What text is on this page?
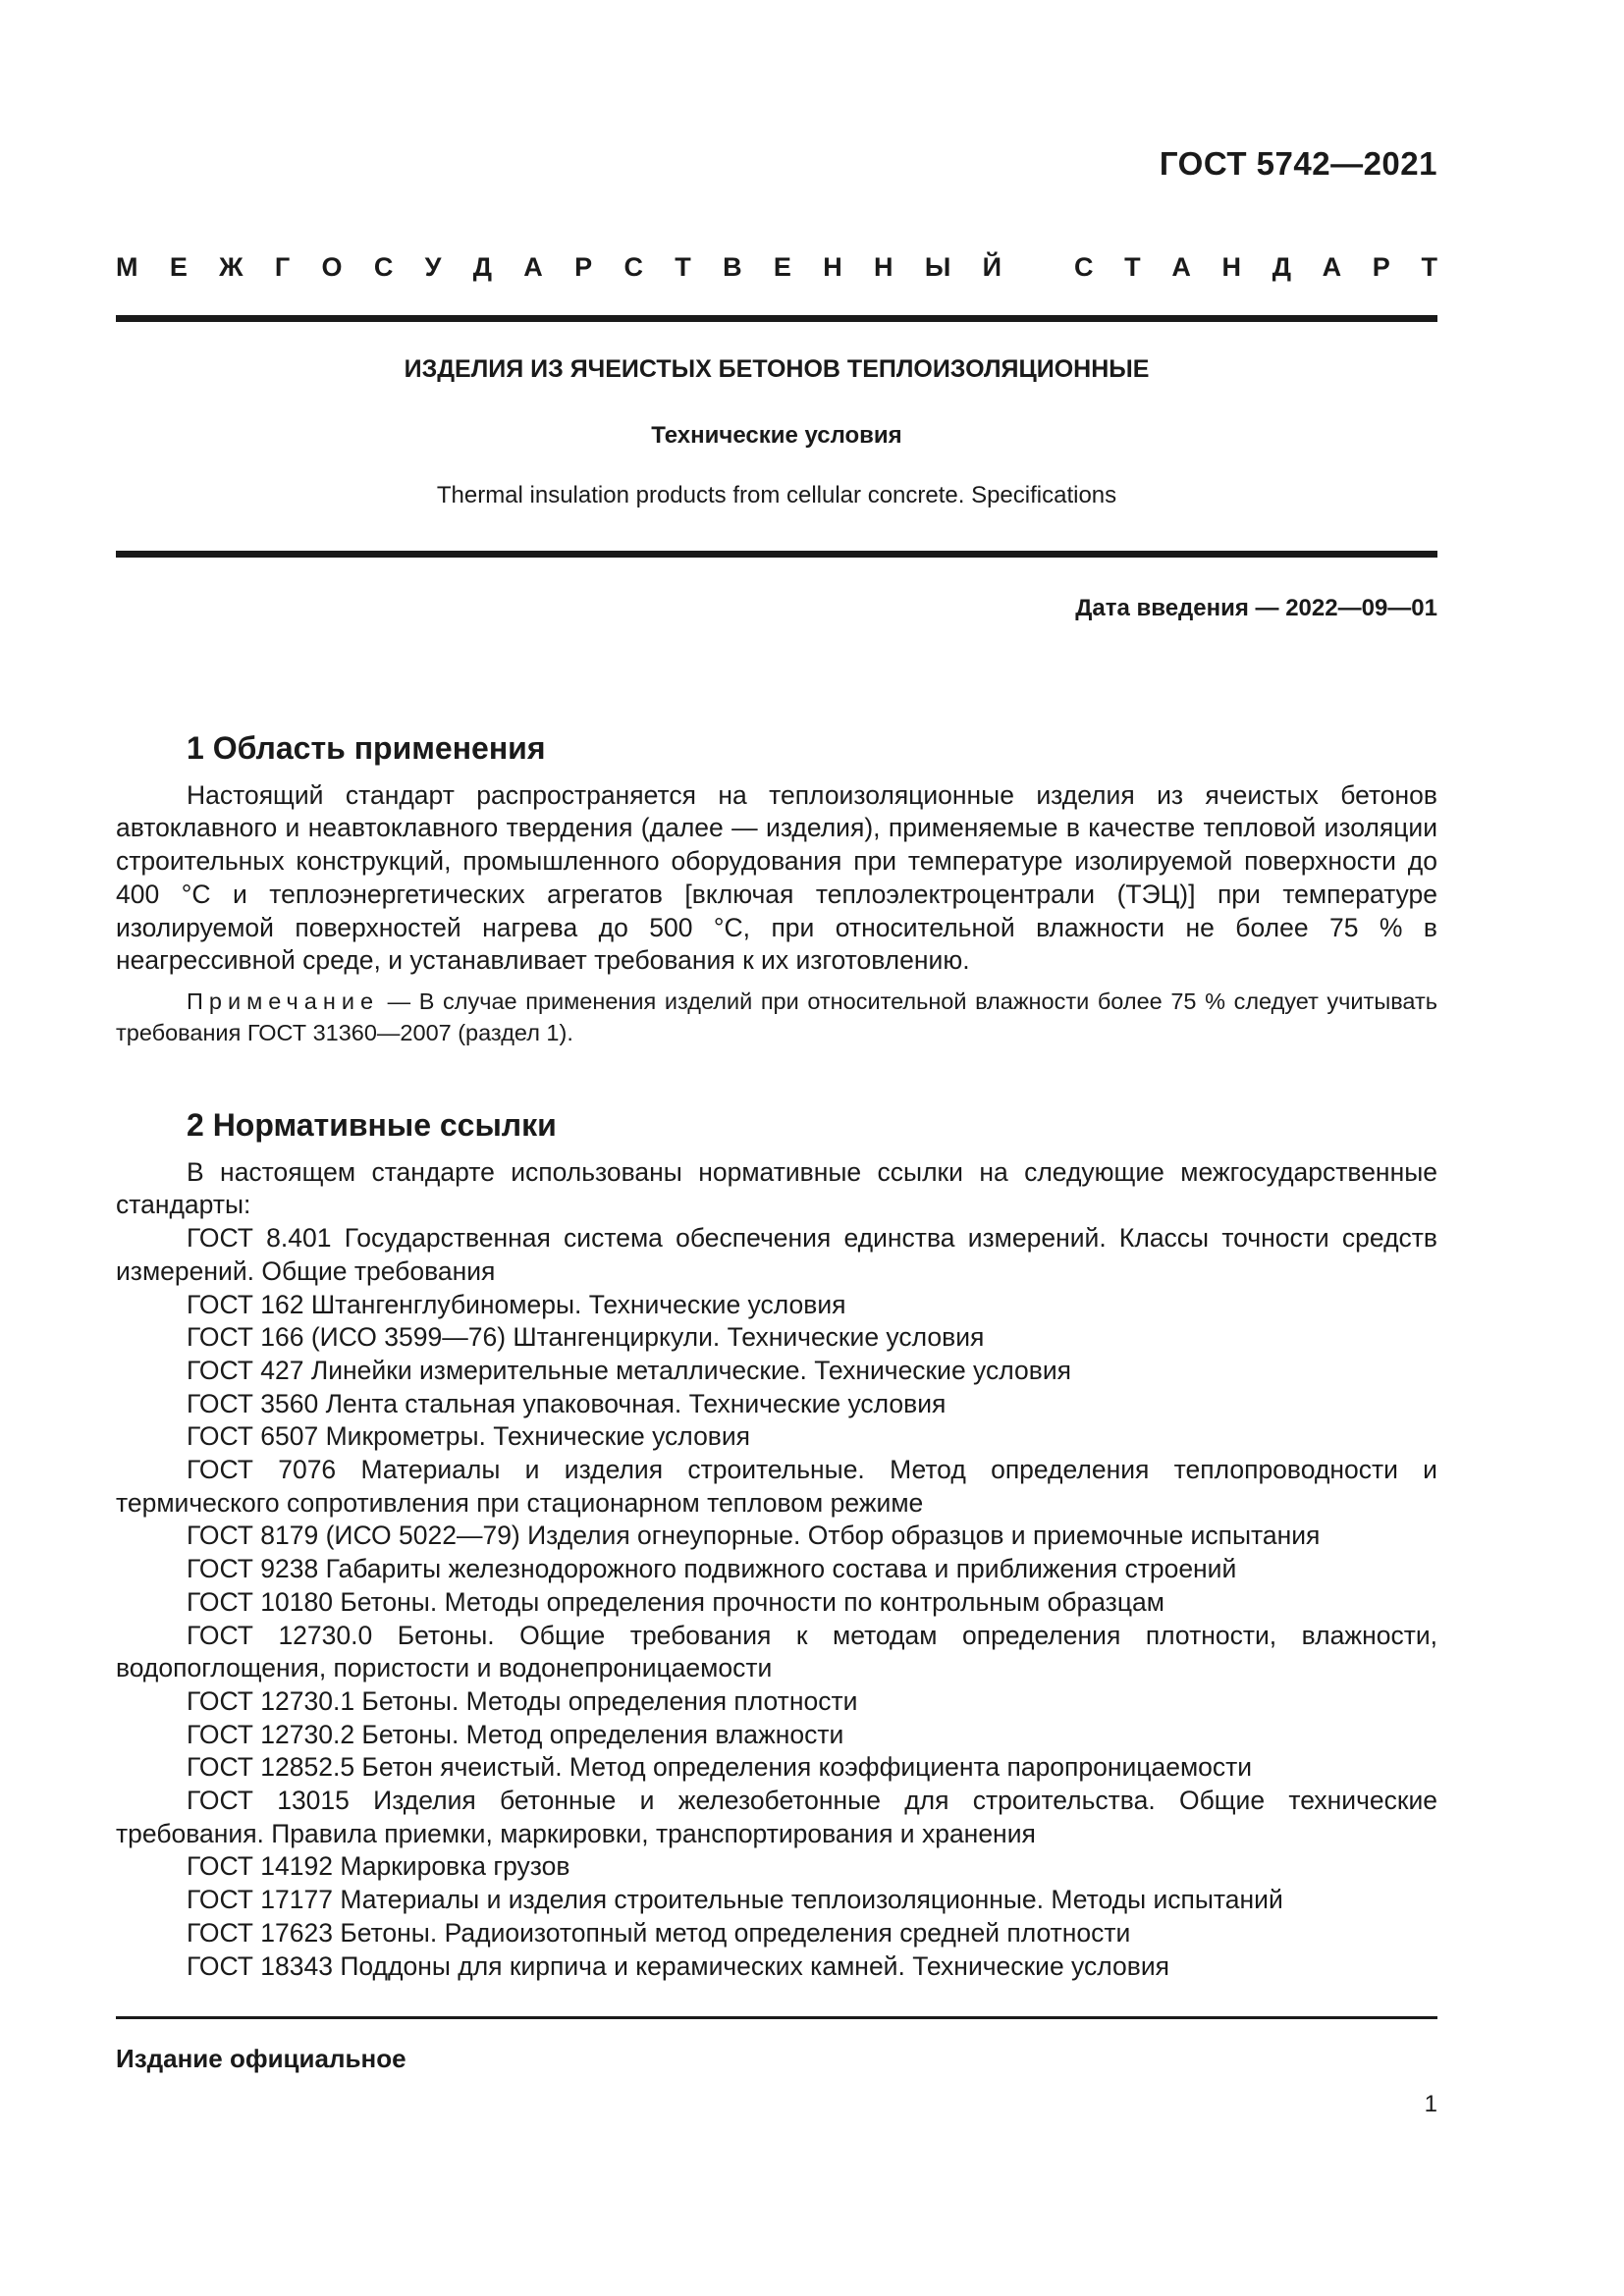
ГОСТ 5742—2021
М Е Ж Г О С У Д А Р С Т В Е Н Н Ы Й	С Т А Н Д А Р Т
ИЗДЕЛИЯ ИЗ ЯЧЕИСТЫХ БЕТОНОВ ТЕПЛОИЗОЛЯЦИОННЫЕ
Технические условия
Thermal insulation products from cellular concrete. Specifications
Дата введения — 2022—09—01
1 Область применения

Настоящий стандарт распространяется на теплоизоляционные изделия из ячеистых бетонов автоклавного и неавтоклавного твердения (далее — изделия), применяемые в качестве тепловой изоляции строительных конструкций, промышленного оборудования при температуре изолируемой поверхности до 400 °С и теплоэнергетических агрегатов [включая теплоэлектроцентрали (ТЭЦ)] при температуре изолируемой поверхностей нагрева до 500 °С, при относительной влажности не более 75 % в неагрессивной среде, и устанавливает требования к их изготовлению.

Примечание — В случае применения изделий при относительной влажности более 75 % следует учитывать требования ГОСТ 31360—2007 (раздел 1).

2 Нормативные ссылки

В настоящем стандарте использованы нормативные ссылки на следующие межгосударственные стандарты:

ГОСТ 8.401 Государственная система обеспечения единства измерений. Классы точности средств измерений. Общие требования

ГОСТ 162 Штангенглубиномеры. Технические условия

ГОСТ 166 (ИСО 3599—76) Штангенциркули. Технические условия

ГОСТ 427 Линейки измерительные металлические. Технические условия

ГОСТ 3560 Лента стальная упаковочная. Технические условия

ГОСТ 6507 Микрометры. Технические условия

ГОСТ 7076 Материалы и изделия строительные. Метод определения теплопроводности и термического сопротивления при стационарном тепловом режиме

ГОСТ 8179 (ИСО 5022—79) Изделия огнеупорные. Отбор образцов и приемочные испытания

ГОСТ 9238 Габариты железнодорожного подвижного состава и приближения строений

ГОСТ 10180 Бетоны. Методы определения прочности по контрольным образцам

ГОСТ 12730.0 Бетоны. Общие требования к методам определения плотности, влажности, водопоглощения, пористости и водонепроницаемости

ГОСТ 12730.1 Бетоны. Методы определения плотности

ГОСТ 12730.2 Бетоны. Метод определения влажности

ГОСТ 12852.5 Бетон ячеистый. Метод определения коэффициента паропроницаемости

ГОСТ 13015 Изделия бетонные и железобетонные для строительства. Общие технические требования. Правила приемки, маркировки, транспортирования и хранения

ГОСТ 14192 Маркировка грузов

ГОСТ 17177 Материалы и изделия строительные теплоизоляционные. Методы испытаний

ГОСТ 17623 Бетоны. Радиоизотопный метод определения средней плотности

ГОСТ 18343 Поддоны для кирпича и керамических камней. Технические условия

Издание официальное
1
